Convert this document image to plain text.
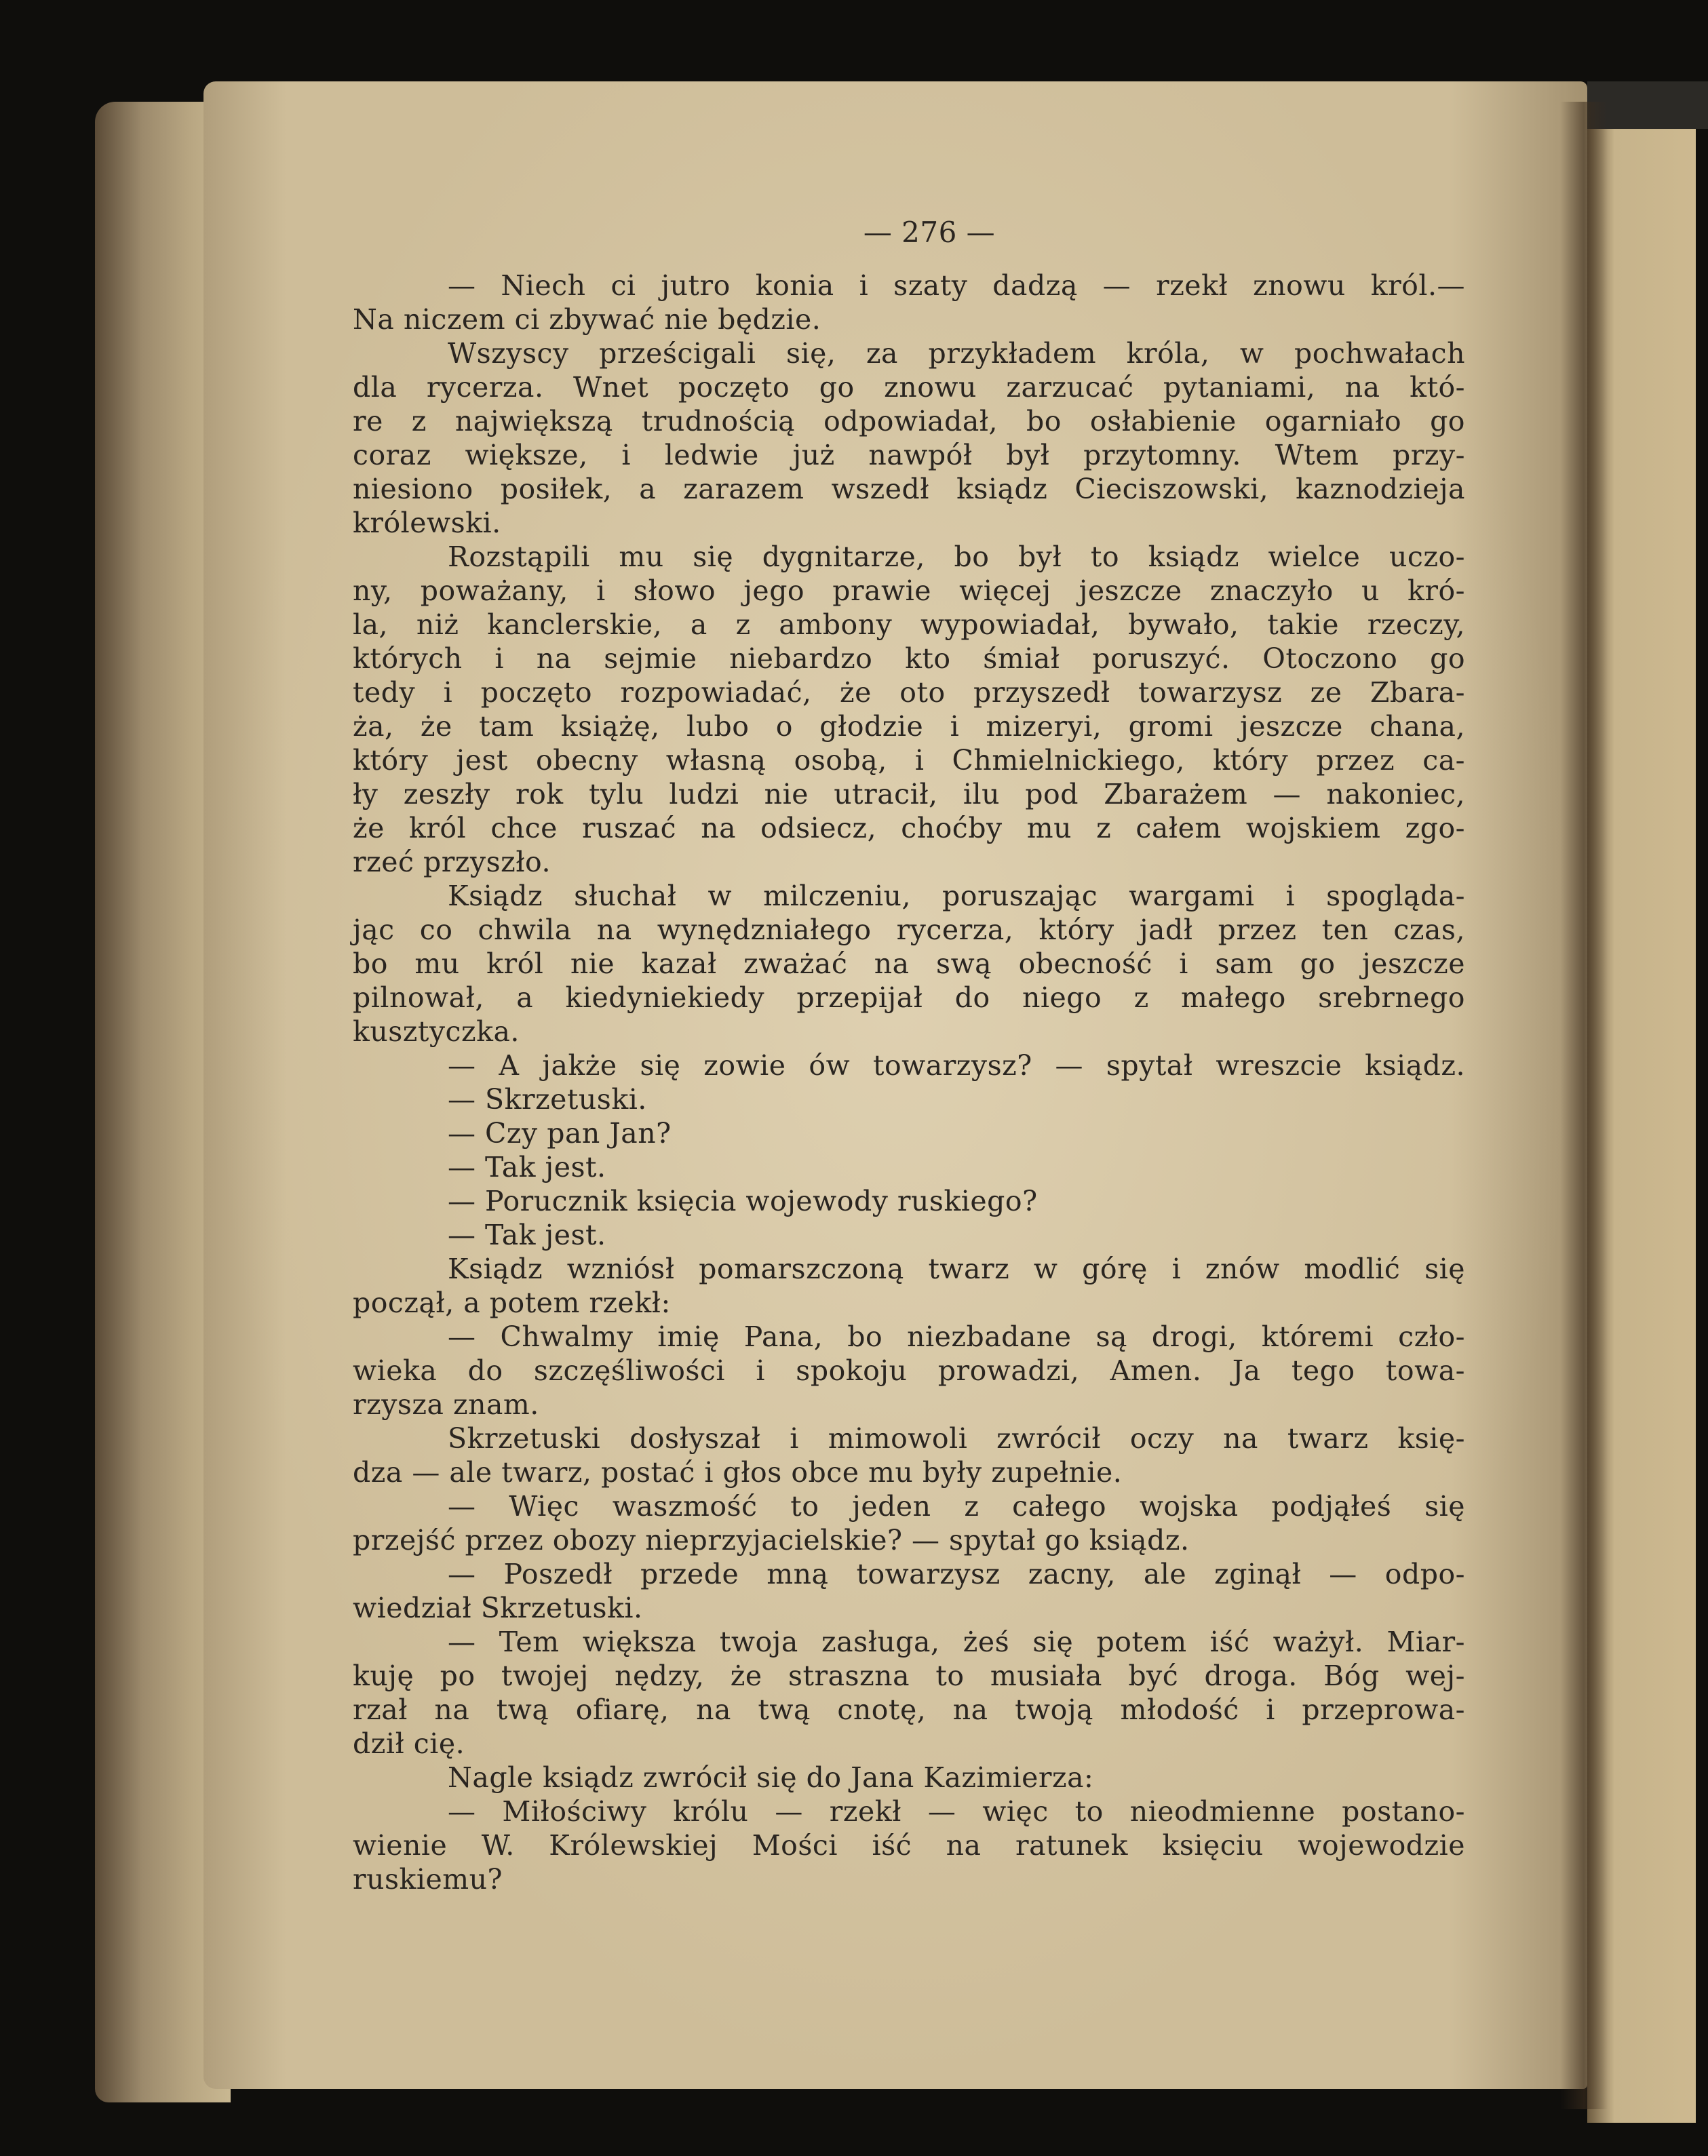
— 276 —
— Niech ci jutro konia i szaty dadzą — rzekł znowu król.—
Na niczem ci zbywać nie będzie.
Wszyscy prześcigali się, za przykładem króla, w pochwałach
dla rycerza. Wnet poczęto go znowu zarzucać pytaniami, na któ-
re z największą trudnością odpowiadał, bo osłabienie ogarniało go
coraz większe, i ledwie już nawpół był przytomny. Wtem przy-
niesiono posiłek, a zarazem wszedł ksiądz Cieciszowski, kaznodzieja
królewski.
Rozstąpili mu się dygnitarze, bo był to ksiądz wielce uczo-
ny, poważany, i słowo jego prawie więcej jeszcze znaczyło u kró-
la, niż kanclerskie, a z ambony wypowiadał, bywało, takie rzeczy,
których i na sejmie niebardzo kto śmiał poruszyć. Otoczono go
tedy i poczęto rozpowiadać, że oto przyszedł towarzysz ze Zbara-
ża, że tam książę, lubo o głodzie i mizeryi, gromi jeszcze chana,
który jest obecny własną osobą, i Chmielnickiego, który przez ca-
ły zeszły rok tylu ludzi nie utracił, ilu pod Zbarażem — nakoniec,
że król chce ruszać na odsiecz, choćby mu z całem wojskiem zgo-
rzeć przyszło.
Ksiądz słuchał w milczeniu, poruszając wargami i spoglądа-
jąc co chwila na wynędzniałego rycerza, który jadł przez ten czas,
bo mu król nie kazał zważać na swą obecność i sam go jeszcze
pilnował, a kiedyniekiedy przepijał do niego z małego srebrnego
kusztyczka.
— A jakże się zowie ów towarzysz? — spytał wreszcie ksiądz.
— Skrzetuski.
— Czy pan Jan?
— Tak jest.
— Porucznik księcia wojewody ruskiego?
— Tak jest.
Ksiądz wzniósł pomarszczoną twarz w górę i znów modlić się
począł, a potem rzekł:
— Chwalmy imię Pana, bo niezbadane są drogi, któremi czło-
wieka do szczęśliwości i spokoju prowadzi, Amen. Ja tego towa-
rzysza znam.
Skrzetuski dosłyszał i mimowoli zwrócił oczy na twarz księ-
dza — ale twarz, postać i głos obce mu były zupełnie.
— Więc waszmość to jeden z całego wojska podjąłeś się
przejść przez obozy nieprzyjacielskie? — spytał go ksiądz.
— Poszedł przede mną towarzysz zacny, ale zginął — odpo-
wiedział Skrzetuski.
— Tem większa twoja zasługa, żeś się potem iść ważył. Miar-
kuję po twojej nędzy, że straszna to musiała być droga. Bóg wej-
rzał na twą ofiarę, na twą cnotę, na twoją młodość i przeprowa-
dził cię.
Nagle ksiądz zwrócił się do Jana Kazimierza:
— Miłościwy królu — rzekł — więc to nieodmienne postano-
wienie W. Królewskiej Mości iść na ratunek księciu wojewodzie
ruskiemu?
